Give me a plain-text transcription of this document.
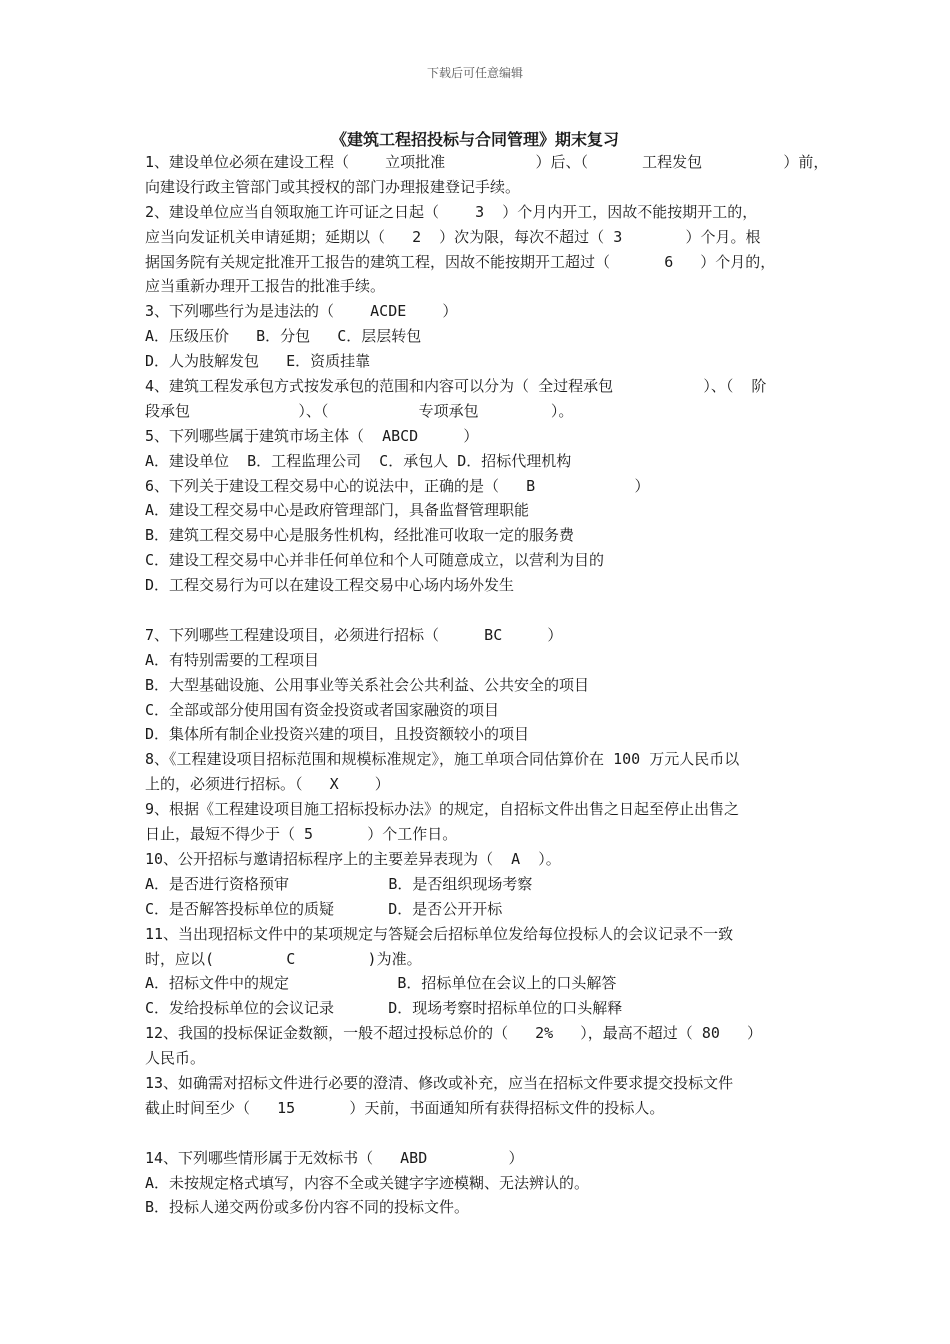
下载后可任意编辑
《建筑工程招投标与合同管理》期末复习
1、建设单位必须在建设工程（    立项批准          ）后、（      工程发包         ）前，
向建设行政主管部门或其授权的部门办理报建登记手续。
2、建设单位应当自领取施工许可证之日起（    3  ）个月内开工，因故不能按期开工的，
应当向发证机关申请延期；延期以（   2  ）次为限，每次不超过（ 3       ）个月。根
据国务院有关规定批准开工报告的建筑工程，因故不能按期开工超过（      6   ）个月的，
应当重新办理开工报告的批准手续。
3、下列哪些行为是违法的（    ACDE    ）
A．压级压价   B．分包   C．层层转包
D．人为肢解发包   E．资质挂靠
4、建筑工程发承包方式按发承包的范围和内容可以分为（ 全过程承包          ）、（  阶
段承包            ）、（          专项承包        ）。
5、下列哪些属于建筑市场主体（  ABCD     ）
A．建设单位  B．工程监理公司  C．承包人 D．招标代理机构
6、下列关于建设工程交易中心的说法中，正确的是（   B           ）
A．建设工程交易中心是政府管理部门，具备监督管理职能
B．建筑工程交易中心是服务性机构，经批准可收取一定的服务费
C．建设工程交易中心并非任何单位和个人可随意成立，以营利为目的
D．工程交易行为可以在建设工程交易中心场内场外发生
7、下列哪些工程建设项目，必须进行招标（     BC     ）
A．有特别需要的工程项目
B．大型基础设施、公用事业等关系社会公共利益、公共安全的项目
C．全部或部分使用国有资金投资或者国家融资的项目
D．集体所有制企业投资兴建的项目，且投资额较小的项目
8、《工程建设项目招标范围和规模标准规定》，施工单项合同估算价在 100 万元人民币以
上的，必须进行招标。（   X    ）
9、根据《工程建设项目施工招标投标办法》的规定，自招标文件出售之日起至停止出售之
日止，最短不得少于（ 5      ）个工作日。
10、公开招标与邀请招标程序上的主要差异表现为（  A  ）。
A．是否进行资格预审           B．是否组织现场考察
C．是否解答投标单位的质疑      D．是否公开开标
11、当出现招标文件中的某项规定与答疑会后招标单位发给每位投标人的会议记录不一致
时，应以(        C        )为准。
A．招标文件中的规定            B．招标单位在会议上的口头解答
C．发给投标单位的会议记录      D．现场考察时招标单位的口头解释
12、我国的投标保证金数额，一般不超过投标总价的（   2%   ），最高不超过（ 80   ）
人民币。
13、如确需对招标文件进行必要的澄清、修改或补充，应当在招标文件要求提交投标文件
截止时间至少（   15      ）天前，书面通知所有获得招标文件的投标人。
14、下列哪些情形属于无效标书（   ABD         ）
A．未按规定格式填写，内容不全或关键字字迹模糊、无法辨认的。
B．投标人递交两份或多份内容不同的投标文件。
